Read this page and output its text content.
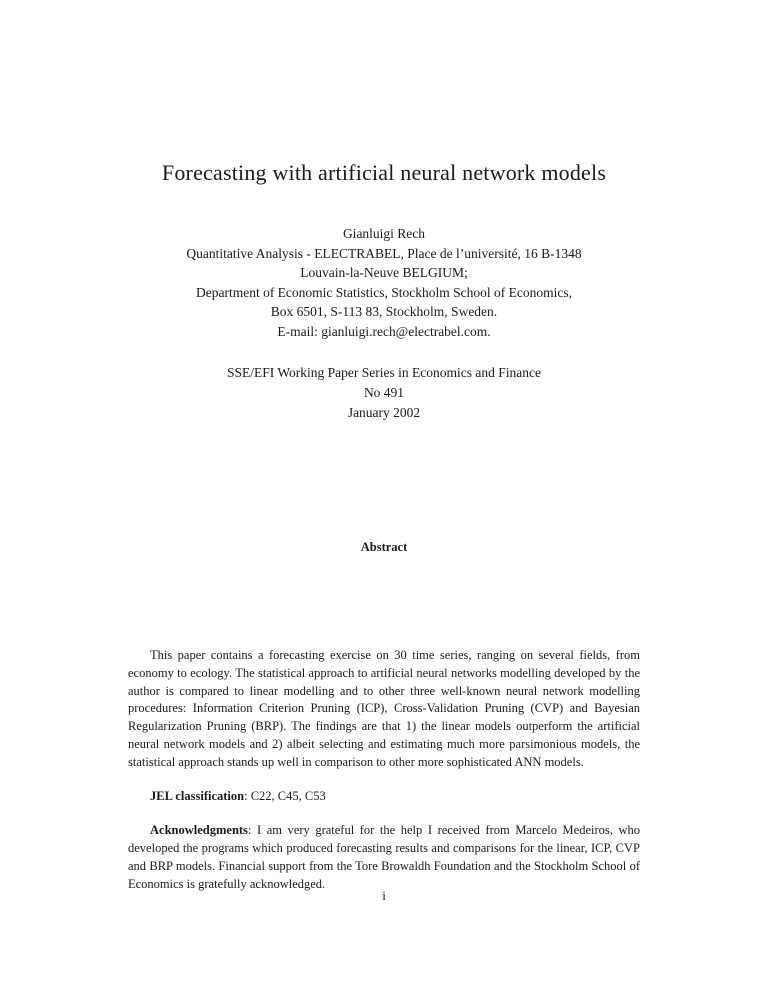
Forecasting with artificial neural network models
Gianluigi Rech
Quantitative Analysis - ELECTRABEL, Place de l’université, 16 B-1348
Louvain-la-Neuve BELGIUM;
Department of Economic Statistics, Stockholm School of Economics,
Box 6501, S-113 83, Stockholm, Sweden.
E-mail: gianluigi.rech@electrabel.com.
SSE/EFI Working Paper Series in Economics and Finance
No 491
January 2002
Abstract

This paper contains a forecasting exercise on 30 time series, ranging on several fields, from economy to ecology. The statistical approach to artificial neural networks modelling developed by the author is compared to linear modelling and to other three well-known neural network modelling procedures: Information Criterion Pruning (ICP), Cross-Validation Pruning (CVP) and Bayesian Regularization Pruning (BRP). The findings are that 1) the linear models outperform the artificial neural network models and 2) albeit selecting and estimating much more parsimonious models, the statistical approach stands up well in comparison to other more sophisticated ANN models.

JEL classification: C22, C45, C53

Acknowledgments: I am very grateful for the help I received from Marcelo Medeiros, who developed the programs which produced forecasting results and comparisons for the linear, ICP, CVP and BRP models. Financial support from the Tore Browaldh Foundation and the Stockholm School of Economics is gratefully acknowledged.

i
